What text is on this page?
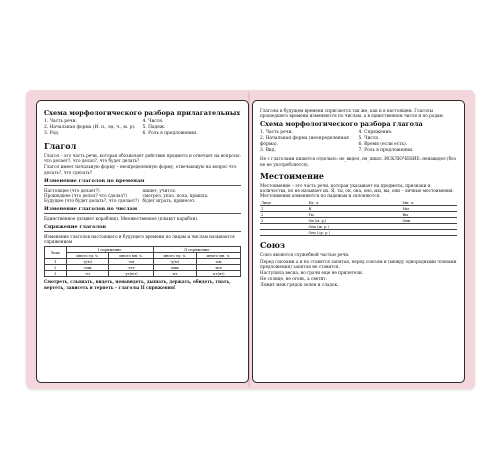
Схема морфологического разбора прилагательных
1. Часть речи.
2. Начальная форма (И. п., ед. ч., м. р).
3. Род.
4. Число.
5. Падеж.
6. Роль в предложении.
Глагол

Глагол – это часть речи, которая обозначает действие предмета и отвечает на вопросы: что делает?, что делал?, что будет делать?

Глагол имеет начальную форму – неопределенную форму, отвечающую на вопрос что делать?, что сделать?

Изменение глаголов по временам
Настоящее (что делает?)	пишет, учится.
Прошедшее (что делал? что сделал?)	смотрел, упал, пола, пришла.
Будущее (что будет делать?, что сделает?) будет играть, принесет.
Изменение глаголов по числам

Единственное (плывет кораблик). Множественное (плывут корабли).

Спряжение глаголов

Изменение глаголов настоящего и будущего времени по лицам и числам называется спряжением

Лицо	I спряжение		II спряжение	
	много ед. ч.	много мн. ч.	много ед. ч.	много мн. ч.
1	-у(ю)	-ем	-у(ю)	-им
2	-ешь	-ете	-ишь	-ите
3	-ет	-ут(ют)	-ит	-ат(ят)

Смотреть, слышать, видеть, ненавидеть, дышать, держать, обидеть, гнать, вертеть, зависеть и терпеть – глаголы II спряжения!

Глаголы в будущем времени спрягаются так же, как и в настоящем. Глаголы прошедшего времени изменяются по числам, а в единственном числе и по родам.

Схема морфологического разбора глагола
1. Часть речи.
2. Начальная форма (неопределенная форма).
3. Вид.
4. Спряжение.
5. Число.
6. Время (если есть).
7. Роль в предложении.

Не с глаголами пишется отдельно: не_видел, не_пишл. ИСКЛЮЧЕНИЕ: ненавидел (без не не употребляется).

Местоимение

Местоимение – это часть речи, которая указывает на предметы, признаки и количества, но не называет их. Я, ты, он, она, оно, мы, вы, они – личные местоимения. Местоимения изменяются по падежам и склоняются.

Лицо	Ед. ч.	Мн. ч.
1	Я	Мы
2	Ты	Вы
3	Он (м. р.)	Они
	Она (ж. р.)	
	Оно (ср. р.)	
Союз

Союз является служебной частью речи.

Перед союзами а и но ставятся запятая, перед союзом и (между однородными членами предложения) запятая не ставится.

Наступила весна, но грачи еще не прилетели.

Не солнце, не огонь, а светит.

Лежит меж грядок зелен и сладок.
